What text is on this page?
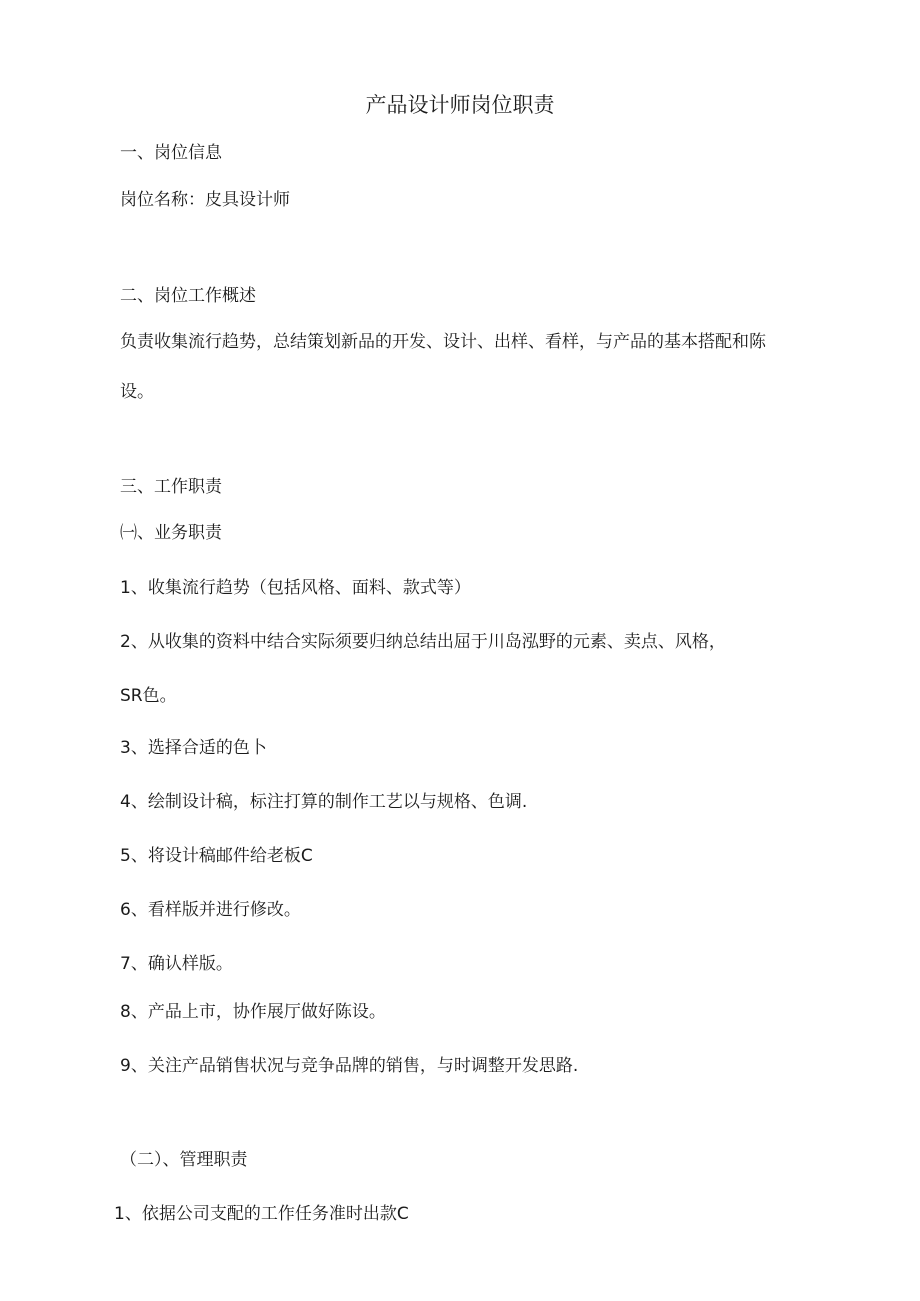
产品设计师岗位职责
一、岗位信息
岗位名称：皮具设计师
二、岗位工作概述
负责收集流行趋势，总结策划新品的开发、设计、出样、看样，与产品的基本搭配和陈
设。
三、工作职责
㈠、业务职责
1、收集流行趋势（包括风格、面料、款式等）
2、从收集的资料中结合实际须要归纳总结出屈于川岛泓野的元素、卖点、风格，
SR色。
3、选择合适的色卜
4、绘制设计稿，标注打算的制作工艺以与规格、色调.
5、将设计稿邮件给老板C
6、看样版并进行修改。
7、确认样版。
8、产品上市，协作展厅做好陈设。
9、关注产品销售状况与竞争品牌的销售，与时调整开发思路.
（二）、管理职责
1、依据公司支配的工作任务准时出款C
